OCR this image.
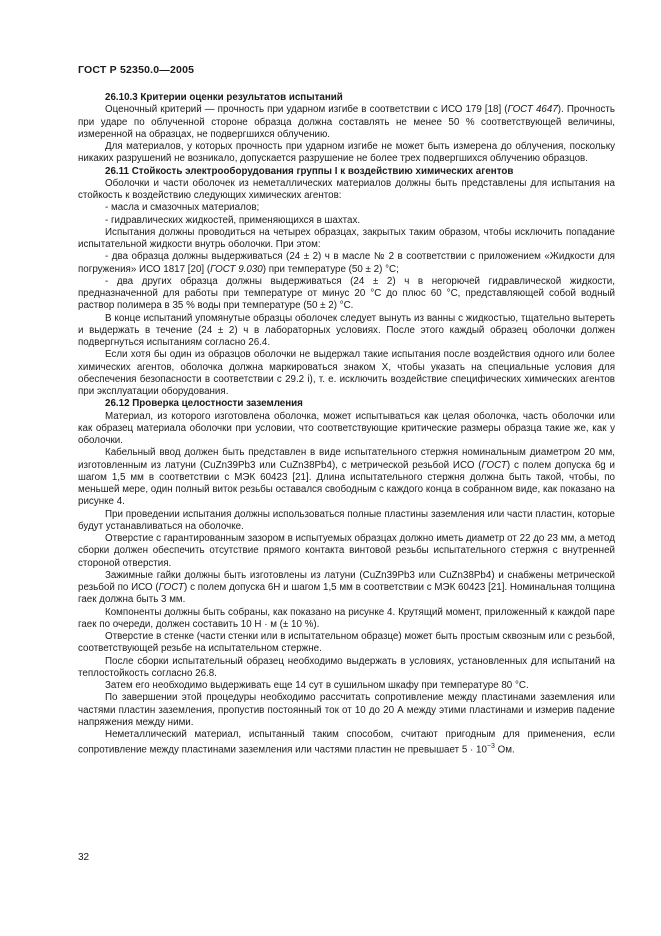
ГОСТ Р 52350.0—2005

26.10.3 Критерии оценки результатов испытаний

Оценочный критерий — прочность при ударном изгибе в соответствии с ИСО 179 [18] (ГОСТ 4647). Прочность при ударе по облученной стороне образца должна составлять не менее 50 % соответствующей величины, измеренной на образцах, не подвергшихся облучению.

Для материалов, у которых прочность при ударном изгибе не может быть измерена до облучения, поскольку никаких разрушений не возникало, допускается разрушение не более трех подвергшихся облучению образцов.

26.11 Стойкость электрооборудования группы I к воздействию химических агентов

Оболочки и части оболочек из неметаллических материалов должны быть представлены для испытания на стойкость к воздействию следующих химических агентов:

- масла и смазочных материалов;

- гидравлических жидкостей, применяющихся в шахтах.

Испытания должны проводиться на четырех образцах, закрытых таким образом, чтобы исключить попадание испытательной жидкости внутрь оболочки. При этом:

- два образца должны выдерживаться (24 ± 2) ч в масле № 2 в соответствии с приложением «Жидкости для погружения» ИСО 1817 [20] (ГОСТ 9.030) при температуре (50 ± 2) °С;

- два других образца должны выдерживаться (24 ± 2) ч в негорючей гидравлической жидкости, предназначенной для работы при температуре от минус 20 °С до плюс 60 °С, представляющей собой водный раствор полимера в 35 % воды при температуре (50 ± 2) °С.

В конце испытаний упомянутые образцы оболочек следует вынуть из ванны с жидкостью, тщательно вытереть и выдержать в течение (24 ± 2) ч в лабораторных условиях. После этого каждый образец оболочки должен подвергнуться испытаниям согласно 26.4.

Если хотя бы один из образцов оболочки не выдержал такие испытания после воздействия одного или более химических агентов, оболочка должна маркироваться знаком Х, чтобы указать на специальные условия для обеспечения безопасности в соответствии с 29.2 i), т. е. исключить воздействие специфических химических агентов при эксплуатации оборудования.

26.12 Проверка целостности заземления

Материал, из которого изготовлена оболочка, может испытываться как целая оболочка, часть оболочки или как образец материала оболочки при условии, что соответствующие критические размеры образца такие же, как у оболочки.

Кабельный ввод должен быть представлен в виде испытательного стержня номинальным диаметром 20 мм, изготовленным из латуни (CuZn39Pb3 или CuZn38Pb4), с метрической резьбой ИСО (ГОСТ) с полем допуска 6g и шагом 1,5 мм в соответствии с МЭК 60423 [21]. Длина испытательного стержня должна быть такой, чтобы, по меньшей мере, один полный виток резьбы оставался свободным с каждого конца в собранном виде, как показано на рисунке 4.

При проведении испытания должны использоваться полные пластины заземления или части пластин, которые будут устанавливаться на оболочке.

Отверстие с гарантированным зазором в испытуемых образцах должно иметь диаметр от 22 до 23 мм, а метод сборки должен обеспечить отсутствие прямого контакта винтовой резьбы испытательного стержня с внутренней стороной отверстия.

Зажимные гайки должны быть изготовлены из латуни (CuZn39Pb3 или CuZn38Pb4) и снабжены метрической резьбой по ИСО (ГОСТ) с полем допуска 6Н и шагом 1,5 мм в соответствии с МЭК 60423 [21]. Номинальная толщина гаек должна быть 3 мм.

Компоненты должны быть собраны, как показано на рисунке 4. Крутящий момент, приложенный к каждой паре гаек по очереди, должен составить 10 Н · м (± 10 %).

Отверстие в стенке (части стенки или в испытательном образце) может быть простым сквозным или с резьбой, соответствующей резьбе на испытательном стержне.

После сборки испытательный образец необходимо выдержать в условиях, установленных для испытаний на теплостойкость согласно 26.8.

Затем его необходимо выдерживать еще 14 сут в сушильном шкафу при температуре 80 °С.

По завершении этой процедуры необходимо рассчитать сопротивление между пластинами заземления или частями пластин заземления, пропустив постоянный ток от 10 до 20 А между этими пластинами и измерив падение напряжения между ними.

Неметаллический материал, испытанный таким способом, считают пригодным для применения, если сопротивление между пластинами заземления или частями пластин не превышает $5 \cdot 10^{-3}$ Ом.

32
